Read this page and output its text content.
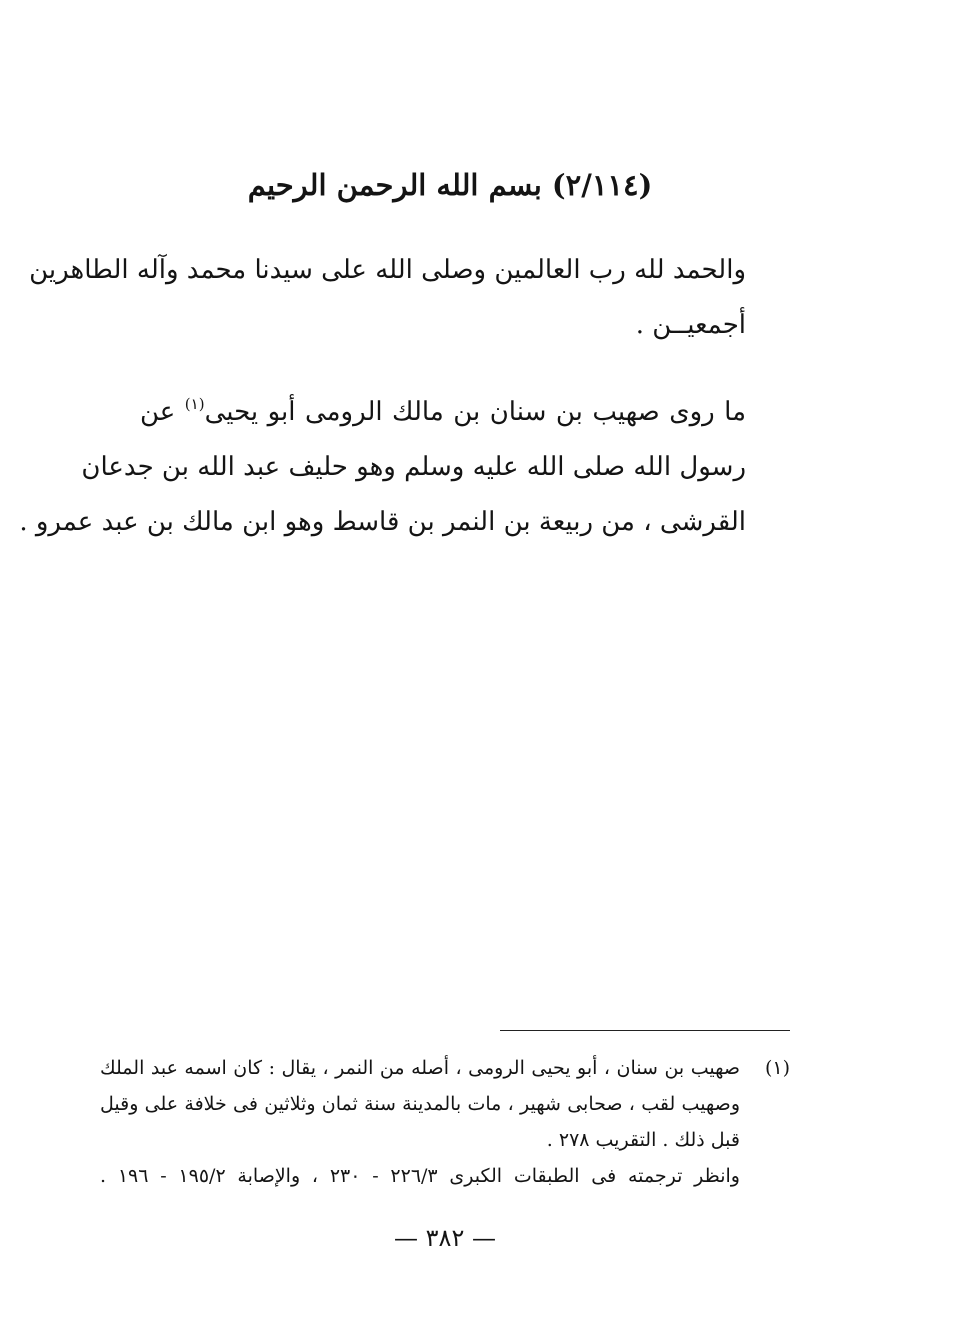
(٢/١١٤) بسم الله الرحمن الرحيم
والحمد لله رب العالمين وصلى الله على سيدنا محمد وآله الطاهرين
أجمعيــن .
ما روى صهيب بن سنان بن مالك الرومى أبو يحيى$^{(١)}$ عن
رسول الله صلى الله عليه وسلم وهو حليف عبد الله بن جدعان
القرشى ، من ربيعة بن النمر بن قاسط وهو ابن مالك بن عبد عمرو .
(١)
صهيب بن سنان ، أبو يحيى الرومى ، أصله من النمر ، يقال : كان اسمه عبد الملك
وصهيب لقب ، صحابى شهير ، مات بالمدينة سنة ثمان وثلاثين فى خلافة على وقيل
قبل ذلك . التقريب ٢٧٨ .
وانظر ترجمته فى الطبقات الكبرى ٢٢٦/٣ - ٢٣٠ ، والإصابة ١٩٥/٢ - ١٩٦ .
— ٣٨٢ —
